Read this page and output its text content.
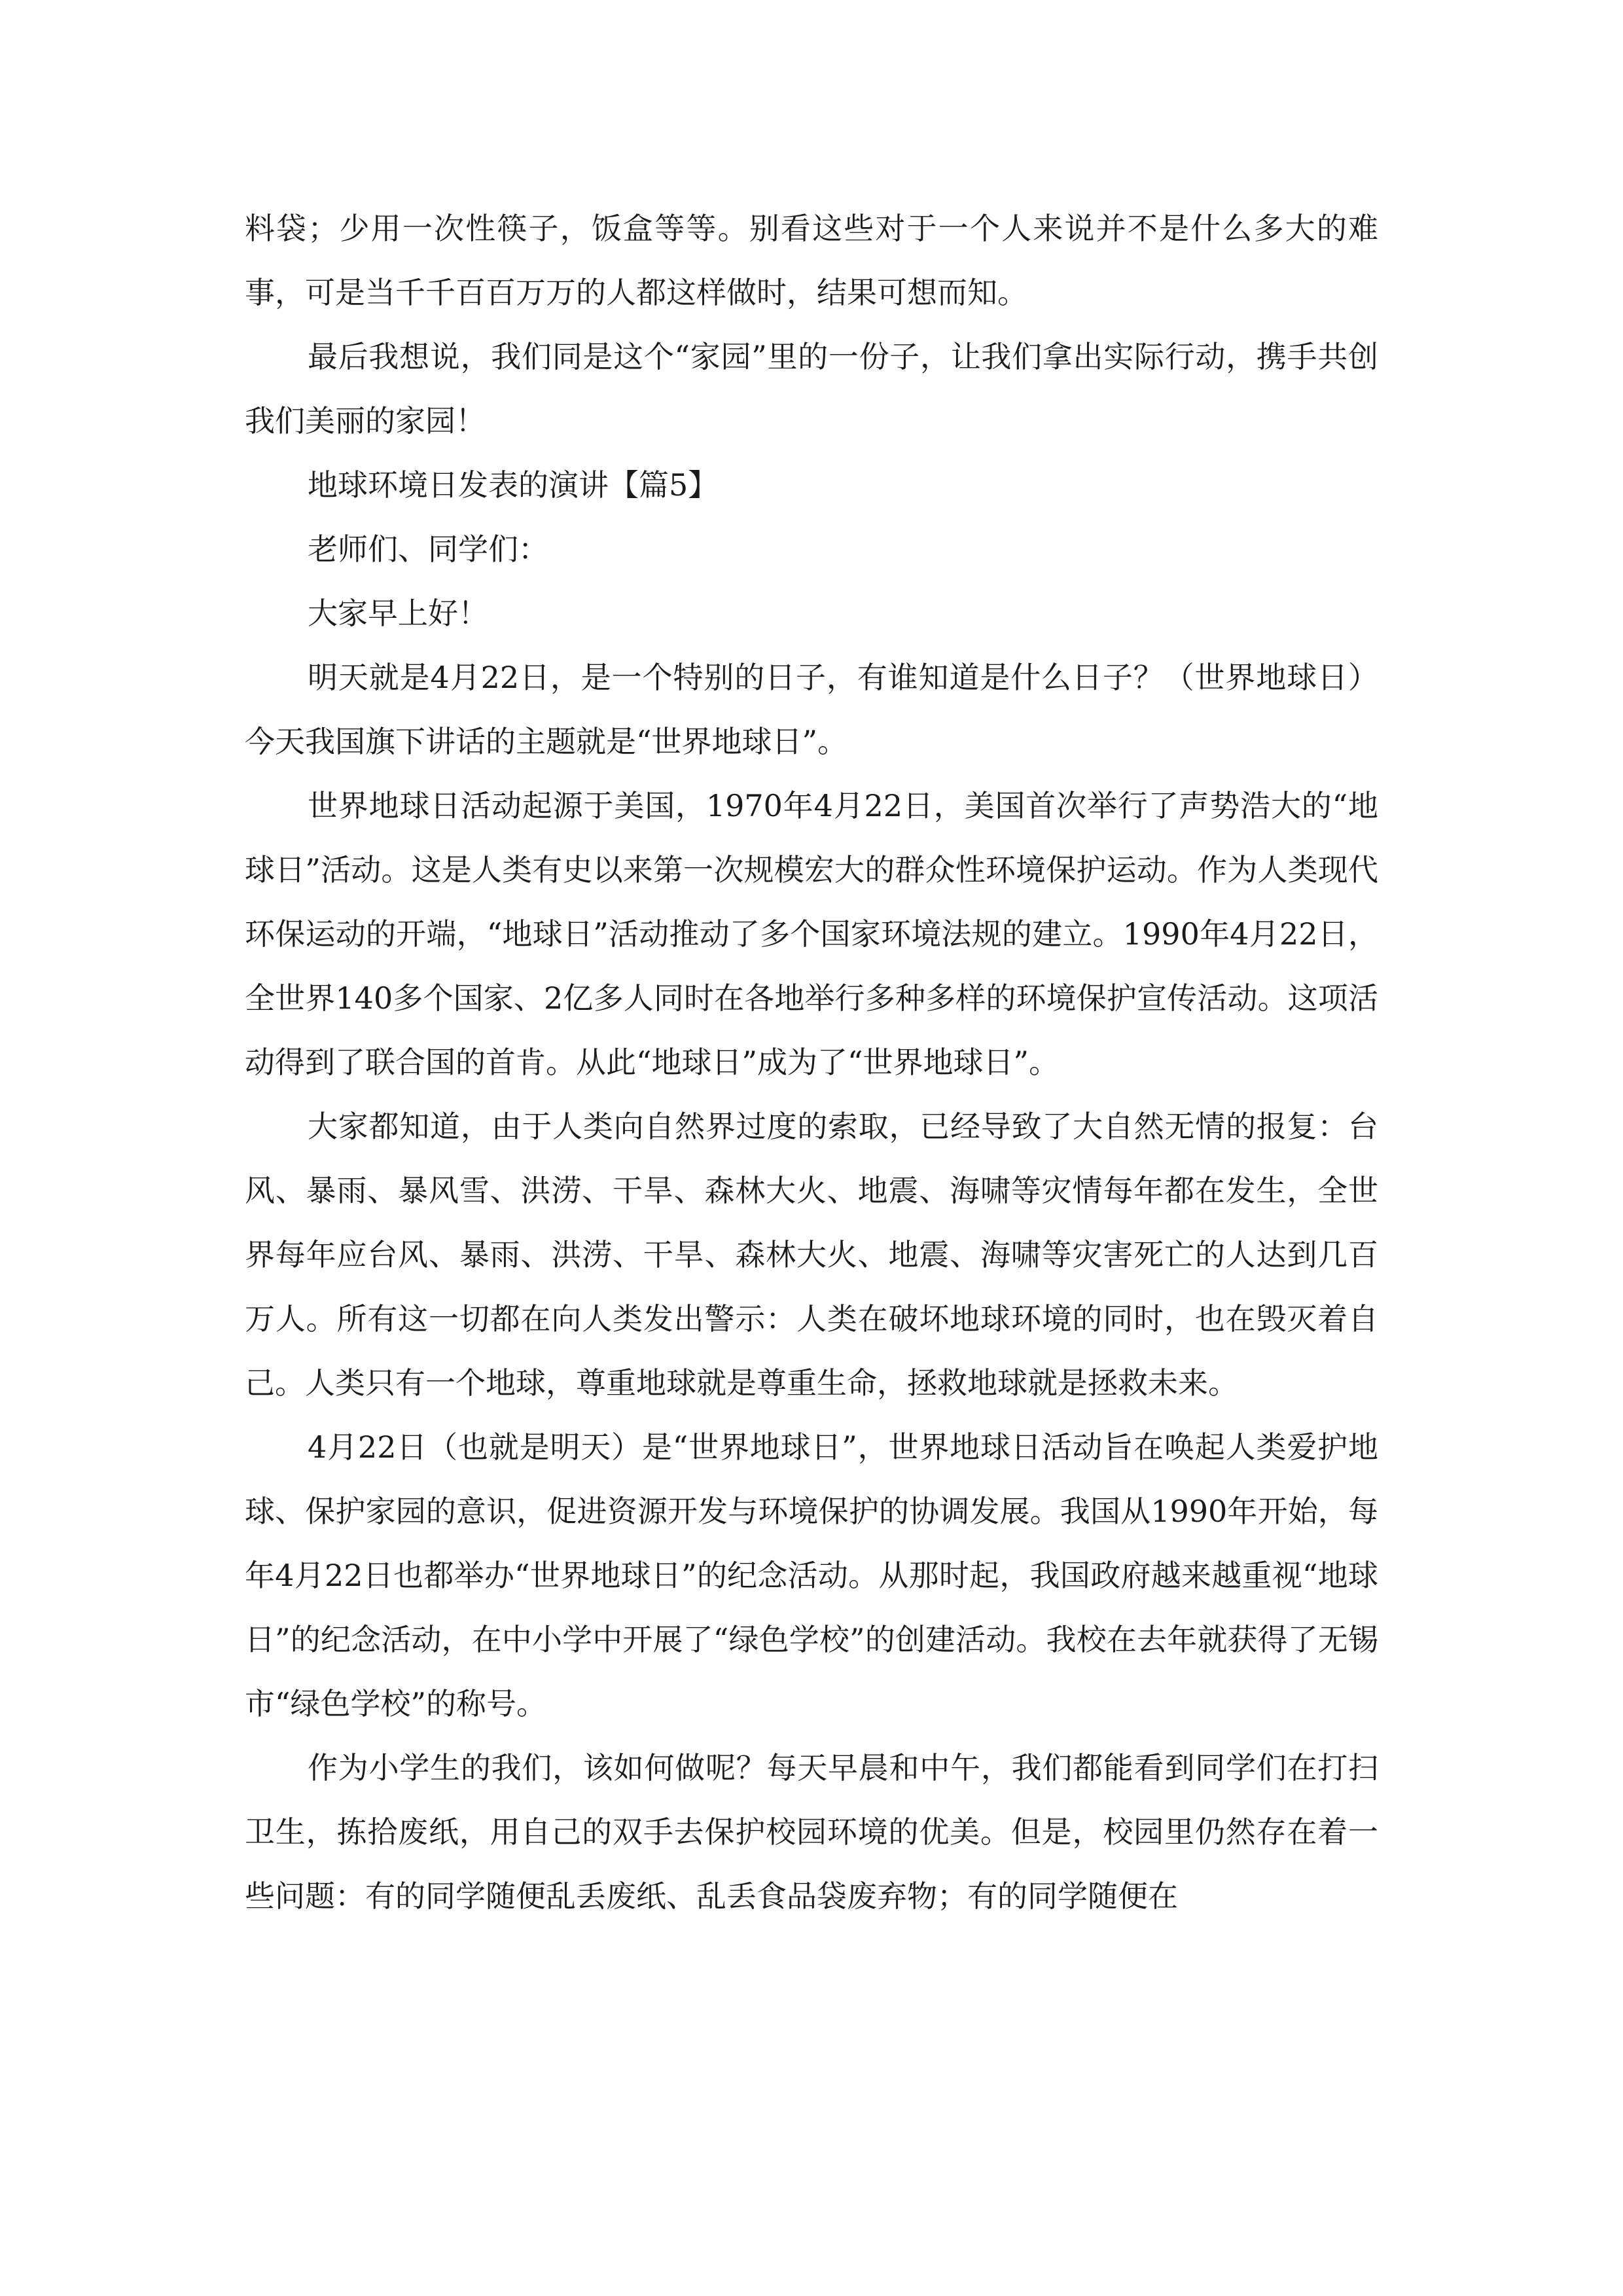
料袋；少用一次性筷子，饭盒等等。别看这些对于一个人来说并不是什么多大的难事，可是当千千百百万万的人都这样做时，结果可想而知。

最后我想说，我们同是这个“家园”里的一份子，让我们拿出实际行动，携手共创我们美丽的家园！

地球环境日发表的演讲【篇5】

老师们、同学们：

大家早上好！

明天就是4月22日，是一个特别的日子，有谁知道是什么日子？（世界地球日）今天我国旗下讲话的主题就是“世界地球日”。

世界地球日活动起源于美国，1970年4月22日，美国首次举行了声势浩大的“地球日”活动。这是人类有史以来第一次规模宏大的群众性环境保护运动。作为人类现代环保运动的开端，“地球日”活动推动了多个国家环境法规的建立。1990年4月22日，全世界140多个国家、2亿多人同时在各地举行多种多样的环境保护宣传活动。这项活动得到了联合国的首肯。从此“地球日”成为了“世界地球日”。

大家都知道，由于人类向自然界过度的索取，已经导致了大自然无情的报复：台风、暴雨、暴风雪、洪涝、干旱、森林大火、地震、海啸等灾情每年都在发生，全世界每年应台风、暴雨、洪涝、干旱、森林大火、地震、海啸等灾害死亡的人达到几百万人。所有这一切都在向人类发出警示：人类在破坏地球环境的同时，也在毁灭着自己。人类只有一个地球，尊重地球就是尊重生命，拯救地球就是拯救未来。

4月22日（也就是明天）是“世界地球日”，世界地球日活动旨在唤起人类爱护地球、保护家园的意识，促进资源开发与环境保护的协调发展。我国从1990年开始，每年4月22日也都举办“世界地球日”的纪念活动。从那时起，我国政府越来越重视“地球日”的纪念活动，在中小学中开展了“绿色学校”的创建活动。我校在去年就获得了无锡市“绿色学校”的称号。

作为小学生的我们，该如何做呢？每天早晨和中午，我们都能看到同学们在打扫卫生，拣拾废纸，用自己的双手去保护校园环境的优美。但是，校园里仍然存在着一些问题：有的同学随便乱丢废纸、乱丢食品袋废弃物；有的同学随便在
